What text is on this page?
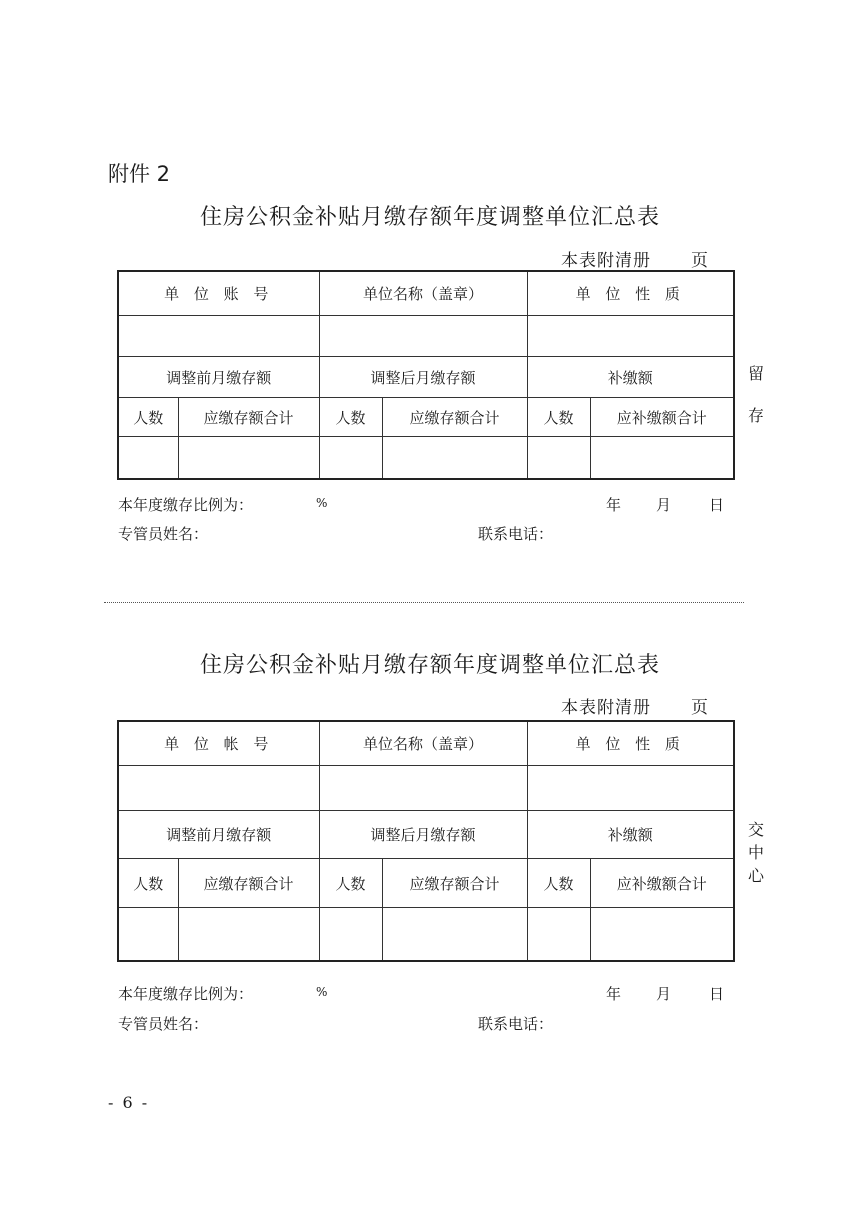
附件 2
住房公积金补贴月缴存额年度调整单位汇总表
本表附清册 页
单 位 账 号		单位名称（盖章）		单 位 性 质	

调整前月缴存额		调整后月缴存额		补缴额	
人数	应缴存额合计	人数	应缴存额合计	人数	应补缴额合计

留
存
本年度缴存比例为：	%	年 月	日
专管员姓名：	联系电话：
住房公积金补贴月缴存额年度调整单位汇总表
本表附清册 页
单 位 帐 号		单位名称（盖章）		单 位 性 质	

调整前月缴存额		调整后月缴存额		补缴额	
人数	应缴存额合计	人数	应缴存额合计	人数	应补缴额合计

交
中
心
本年度缴存比例为：	%	年 月	日
专管员姓名：	联系电话：
- 6 -
